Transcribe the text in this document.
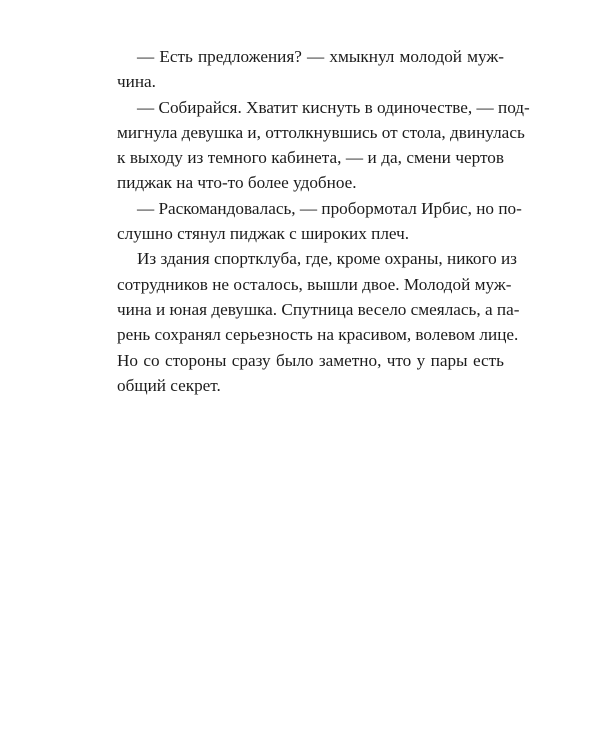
— Есть предложения? — хмыкнул молодой муж-
чина.
— Собирайся. Хватит киснуть в одиночестве, — под-
мигнула девушка и, оттолкнувшись от стола, двинулась
к выходу из темного кабинета, — и да, смени чертов
пиджак на что-то более удобное.
— Раскомандовалась, — пробормотал Ирбис, но по-
слушно стянул пиджак с широких плеч.
Из здания спортклуба, где, кроме охраны, никого из
сотрудников не осталось, вышли двое. Молодой муж-
чина и юная девушка. Спутница весело смеялась, а па-
рень сохранял серьезность на красивом, волевом лице.
Но со стороны сразу было заметно, что у пары есть
общий секрет.
